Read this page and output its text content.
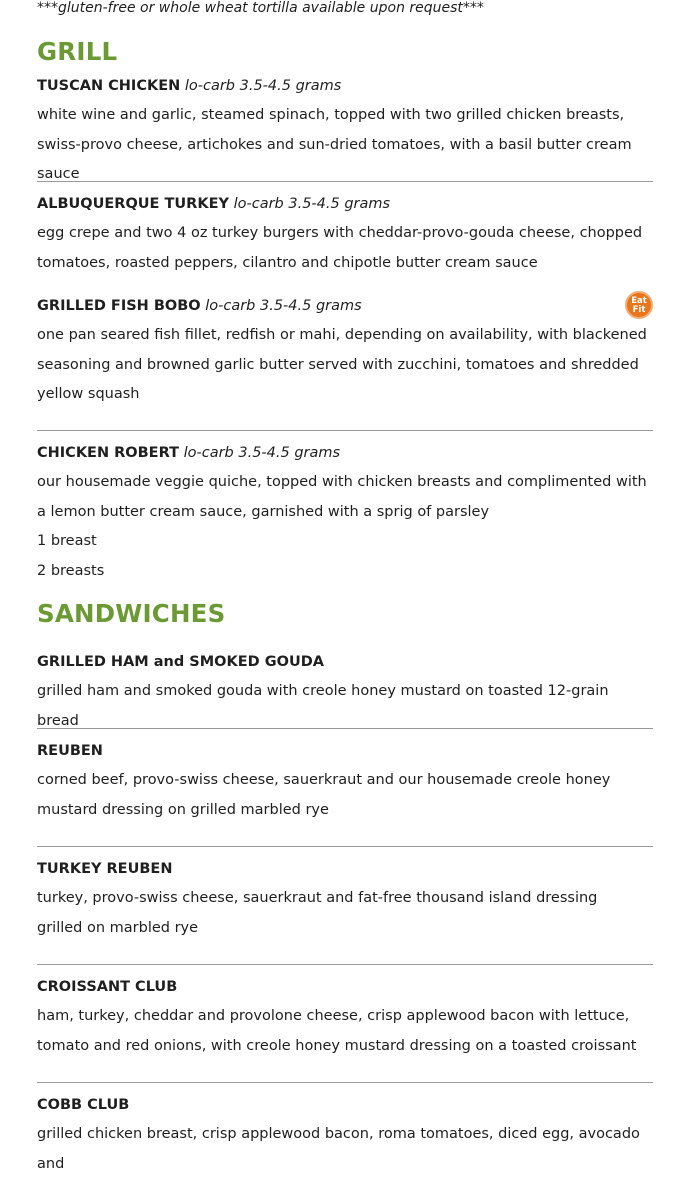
***gluten-free or whole wheat tortilla available upon request***
GRILL
TUSCAN CHICKEN lo-carb 3.5-4.5 grams
white wine and garlic, steamed spinach, topped with two grilled chicken breasts, swiss-provo cheese, artichokes and sun-dried tomatoes, with a basil butter cream sauce
ALBUQUERQUE TURKEY lo-carb 3.5-4.5 grams
egg crepe and two 4 oz turkey burgers with cheddar-provo-gouda cheese, chopped tomatoes, roasted peppers, cilantro and chipotle butter cream sauce
GRILLED FISH BOBO lo-carb 3.5-4.5 grams
one pan seared fish fillet, redfish or mahi, depending on availability, with blackened seasoning and browned garlic butter served with zucchini, tomatoes and shredded yellow squash
Eat
Fit
CHICKEN ROBERT lo-carb 3.5-4.5 grams
our housemade veggie quiche, topped with chicken breasts and complimented with a lemon butter cream sauce, garnished with a sprig of parsley
1 breast
2 breasts
SANDWICHES
GRILLED HAM and SMOKED GOUDA
grilled ham and smoked gouda with creole honey mustard on toasted 12-grain bread
REUBEN
corned beef, provo-swiss cheese, sauerkraut and our housemade creole honey mustard dressing on grilled marbled rye
TURKEY REUBEN
turkey, provo-swiss cheese, sauerkraut and fat-free thousand island dressing grilled on marbled rye
CROISSANT CLUB
ham, turkey, cheddar and provolone cheese, crisp applewood bacon with lettuce, tomato and red onions, with creole honey mustard dressing on a toasted croissant
COBB CLUB
grilled chicken breast, crisp applewood bacon, roma tomatoes, diced egg, avocado and
